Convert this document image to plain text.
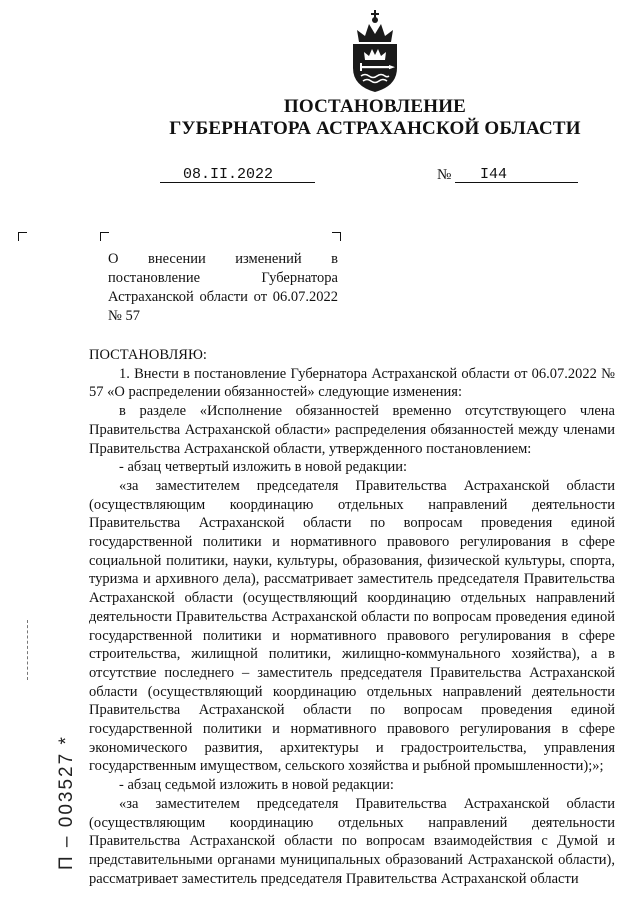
ПОСТАНОВЛЕНИЕ
ГУБЕРНАТОРА АСТРАХАНСКОЙ ОБЛАСТИ
08.II.2022	№ I44
О внесении изменений в постановление Губернатора Астраханской области от 06.07.2022 № 57

ПОСТАНОВЛЯЮ:

1. Внести в постановление Губернатора Астраханской области от 06.07.2022 № 57 «О распределении обязанностей» следующие изменения:

в разделе «Исполнение обязанностей временно отсутствующего члена Правительства Астраханской области» распределения обязанностей между членами Правительства Астраханской области, утвержденного постановлением:

- абзац четвертый изложить в новой редакции:

«за заместителем председателя Правительства Астраханской области (осуществляющим координацию отдельных направлений деятельности Правительства Астраханской области по вопросам проведения единой государственной политики и нормативного правового регулирования в сфере социальной политики, науки, культуры, образования, физической культуры, спорта, туризма и архивного дела), рассматривает заместитель председателя Правительства Астраханской области (осуществляющий координацию отдельных направлений деятельности Правительства Астраханской области по вопросам проведения единой государственной политики и нормативного правового регулирования в сфере строительства, жилищной политики, жилищно-коммунального хозяйства), а в отсутствие последнего – заместитель председателя Правительства Астраханской области (осуществляющий координацию отдельных направлений деятельности Правительства Астраханской области по вопросам проведения единой государственной политики и нормативного правового регулирования в сфере экономического развития, архитектуры и градостроительства, управления государственным имуществом, сельского хозяйства и рыбной промышленности);»;

- абзац седьмой изложить в новой редакции:

«за заместителем председателя Правительства Астраханской области (осуществляющим координацию отдельных направлений деятельности Правительства Астраханской области по вопросам взаимодействия с Думой и представительными органами муниципальных образований Астраханской области), рассматривает заместитель председателя Правительства Астраханской области

П – 003527 *
